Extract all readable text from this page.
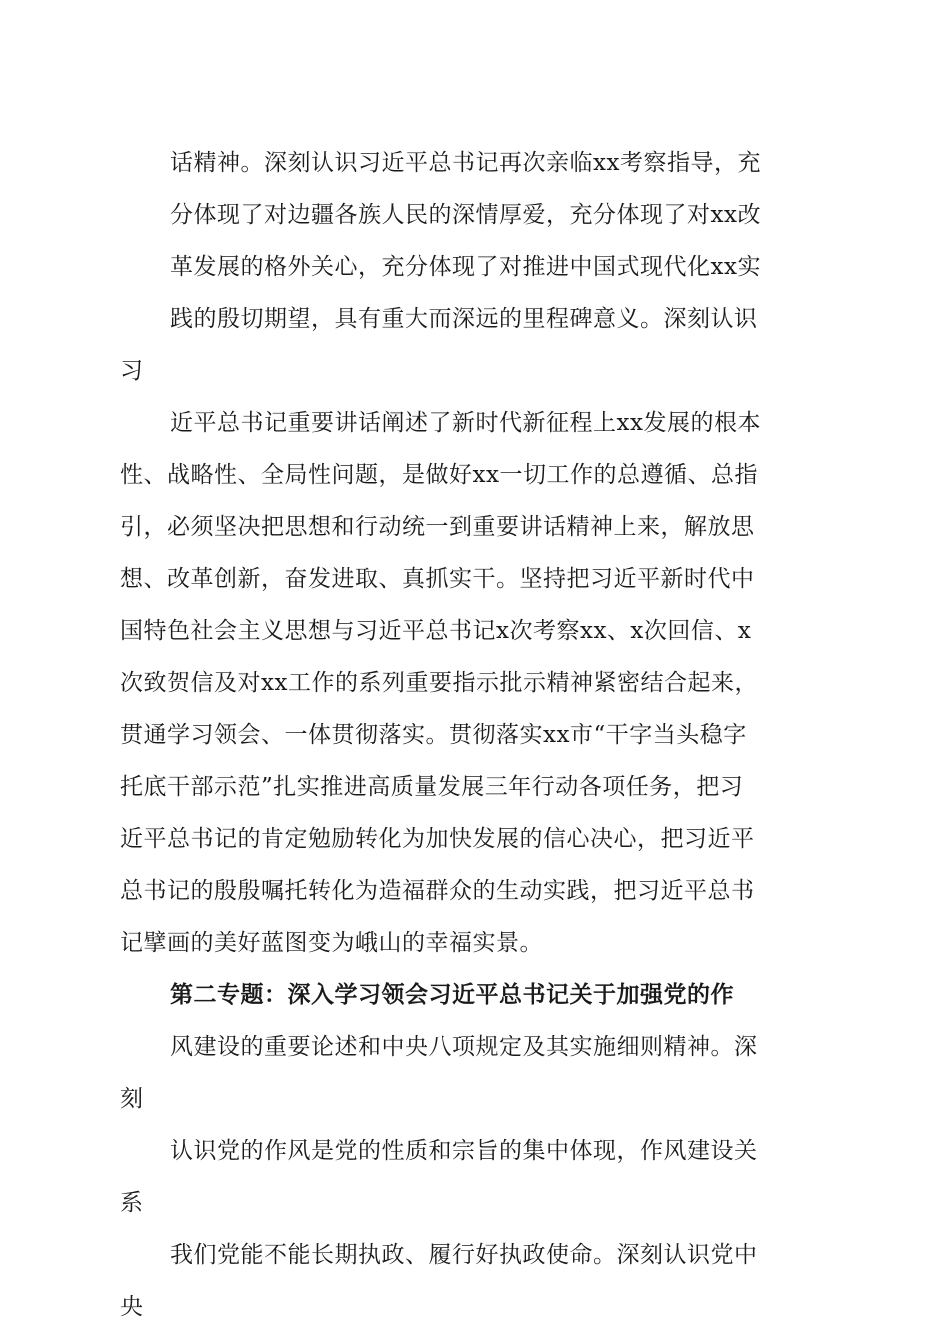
话精神。深刻认识习近平总书记再次亲临xx考察指导，充
分体现了对边疆各族人民的深情厚爱，充分体现了对xx改
革发展的格外关心，充分体现了对推进中国式现代化xx实
践的殷切期望，具有重大而深远的里程碑意义。深刻认识
习
近平总书记重要讲话阐述了新时代新征程上xx发展的根本
性、战略性、全局性问题，是做好xx一切工作的总遵循、总指
引，必须坚决把思想和行动统一到重要讲话精神上来，解放思
想、改革创新，奋发进取、真抓实干。坚持把习近平新时代中
国特色社会主义思想与习近平总书记x次考察xx、x次回信、x
次致贺信及对xx工作的系列重要指示批示精神紧密结合起来，
贯通学习领会、一体贯彻落实。贯彻落实xx市“干字当头稳字
托底干部示范”扎实推进高质量发展三年行动各项任务，把习
近平总书记的肯定勉励转化为加快发展的信心决心，把习近平
总书记的殷殷嘱托转化为造福群众的生动实践，把习近平总书
记擘画的美好蓝图变为峨山的幸福实景。
第二专题：深入学习领会习近平总书记关于加强党的作
风建设的重要论述和中央八项规定及其实施细则精神。深
刻
认识党的作风是党的性质和宗旨的集中体现，作风建设关
系
我们党能不能长期执政、履行好执政使命。深刻认识党中
央
